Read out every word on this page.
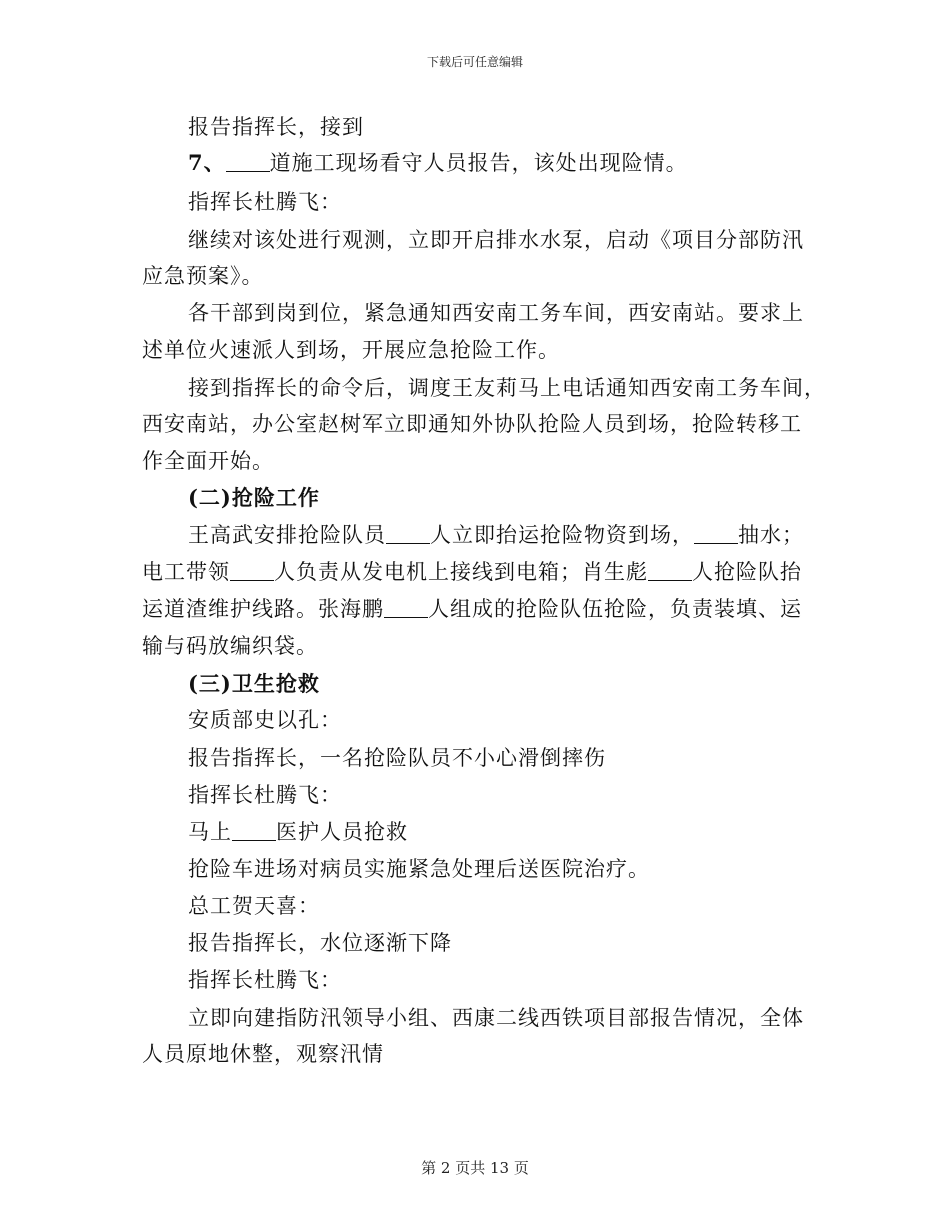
下载后可任意编辑
报告指挥长，接到
7、 道施工现场看守人员报告，该处出现险情。
指挥长杜腾飞：
继续对该处进行观测，立即开启排水水泵，启动《项目分部防汛
应急预案》。
各干部到岗到位，紧急通知西安南工务车间，西安南站。要求上
述单位火速派人到场，开展应急抢险工作。
接到指挥长的命令后，调度王友莉马上电话通知西安南工务车间，
西安南站，办公室赵树军立即通知外协队抢险人员到场，抢险转移工
作全面开始。
(二)抢险工作
王高武安排抢险队员 人立即抬运抢险物资到场， 抽水；
电工带领 人负责从发电机上接线到电箱；肖生彪 人抢险队抬
运道渣维护线路。张海鹏 人组成的抢险队伍抢险，负责装填、运
输与码放编织袋。
(三)卫生抢救
安质部史以孔：
报告指挥长，一名抢险队员不小心滑倒摔伤
指挥长杜腾飞：
马上 医护人员抢救
抢险车进场对病员实施紧急处理后送医院治疗。
总工贺天喜：
报告指挥长，水位逐渐下降
指挥长杜腾飞：
立即向建指防汛领导小组、西康二线西铁项目部报告情况，全体
人员原地休整，观察汛情
第 2 页共 13 页
